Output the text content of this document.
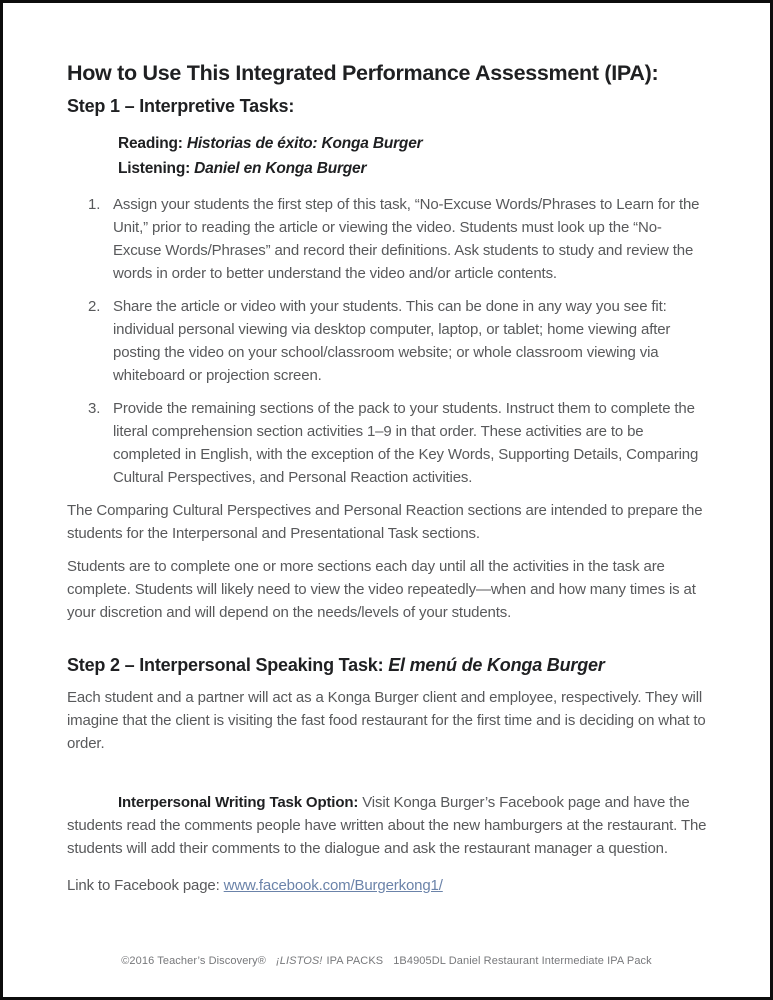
How to Use This Integrated Performance Assessment (IPA):
Step 1 – Interpretive Tasks:
Reading: Historias de éxito: Konga Burger
Listening: Daniel en Konga Burger
1. Assign your students the first step of this task, “No-Excuse Words/Phrases to Learn for the Unit,” prior to reading the article or viewing the video. Students must look up the “No-Excuse Words/Phrases” and record their definitions. Ask students to study and review the words in order to better understand the video and/or article contents.
2. Share the article or video with your students. This can be done in any way you see fit: individual personal viewing via desktop computer, laptop, or tablet; home viewing after posting the video on your school/classroom website; or whole classroom viewing via whiteboard or projection screen.
3. Provide the remaining sections of the pack to your students. Instruct them to complete the literal comprehension section activities 1–9 in that order. These activities are to be completed in English, with the exception of the Key Words, Supporting Details, Comparing Cultural Perspectives, and Personal Reaction activities.

The Comparing Cultural Perspectives and Personal Reaction sections are intended to prepare the students for the Interpersonal and Presentational Task sections.

Students are to complete one or more sections each day until all the activities in the task are complete. Students will likely need to view the video repeatedly—when and how many times is at your discretion and will depend on the needs/levels of your students.

Step 2 – Interpersonal Speaking Task: El menú de Konga Burger

Each student and a partner will act as a Konga Burger client and employee, respectively. They will imagine that the client is visiting the fast food restaurant for the first time and is deciding on what to order.

Interpersonal Writing Task Option: Visit Konga Burger’s Facebook page and have the students read the comments people have written about the new hamburgers at the restaurant. The students will add their comments to the dialogue and ask the restaurant manager a question.

Link to Facebook page: www.facebook.com/Burgerkong1/

©2016 Teacher’s Discovery® ¡LISTOS! IPA PACKS 1B4905DL Daniel Restaurant Intermediate IPA Pack
